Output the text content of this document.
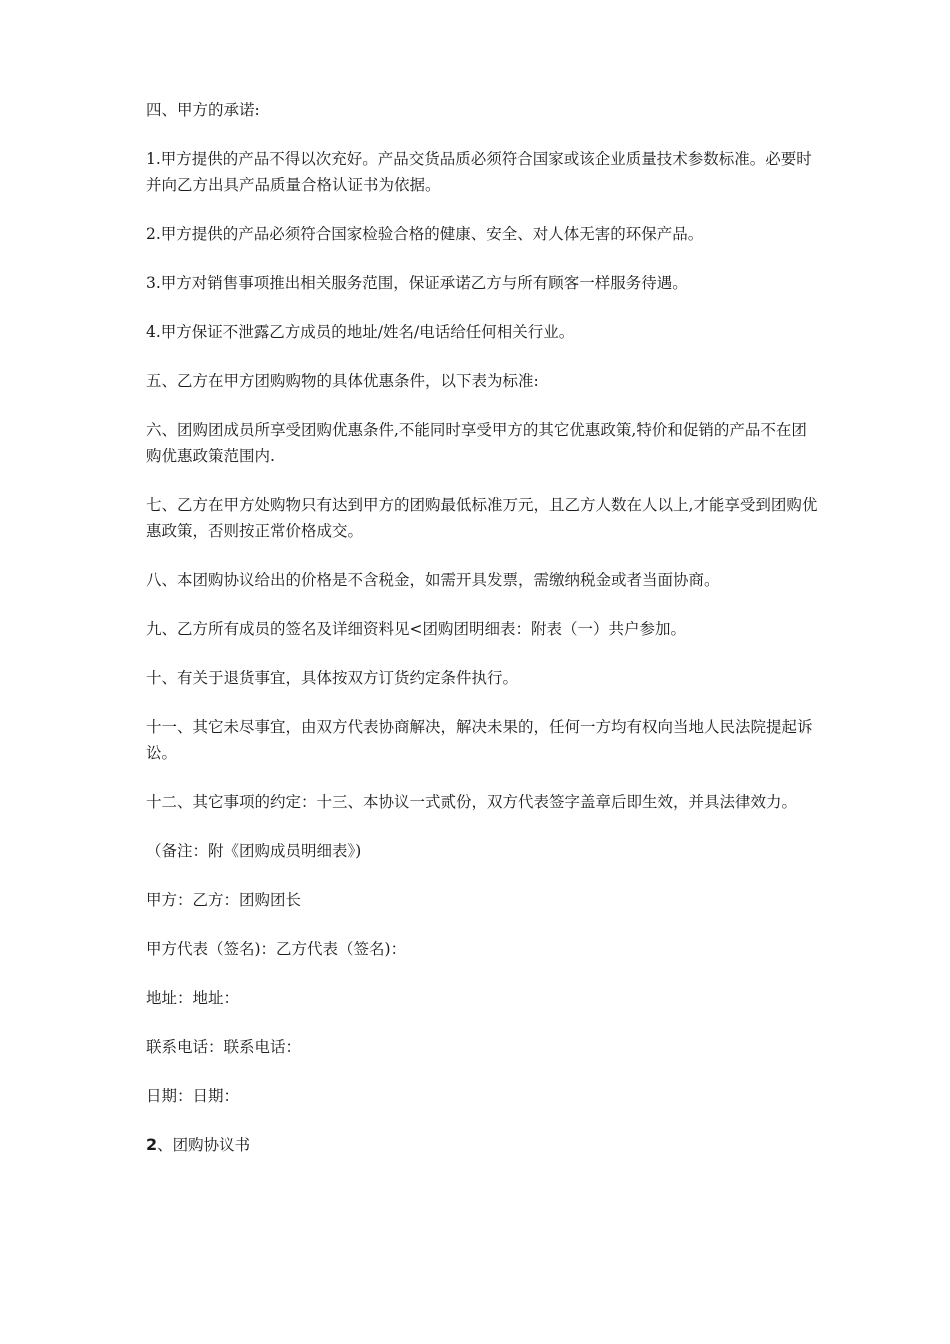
四、甲方的承诺:

1.甲方提供的产品不得以次充好。产品交货品质必须符合国家或该企业质量技术参数标准。必要时并向乙方出具产品质量合格认证书为依据。

2.甲方提供的产品必须符合国家检验合格的健康、安全、对人体无害的环保产品。

3.甲方对销售事项推出相关服务范围，保证承诺乙方与所有顾客一样服务待遇。

4.甲方保证不泄露乙方成员的地址/姓名/电话给任何相关行业。

五、乙方在甲方团购购物的具体优惠条件，以下表为标准:

六、团购团成员所享受团购优惠条件,不能同时享受甲方的其它优惠政策,特价和促销的产品不在团购优惠政策范围内.

七、乙方在甲方处购物只有达到甲方的团购最低标准万元，且乙方人数在人以上,才能享受到团购优惠政策，否则按正常价格成交。

八、本团购协议给出的价格是不含税金，如需开具发票，需缴纳税金或者当面协商。

九、乙方所有成员的签名及详细资料见<团购团明细表：附表（一）共户参加。

十、有关于退货事宜，具体按双方订货约定条件执行。

十一、其它未尽事宜，由双方代表协商解决，解决未果的，任何一方均有权向当地人民法院提起诉讼。

十二、其它事项的约定：十三、本协议一式贰份，双方代表签字盖章后即生效，并具法律效力。

（备注：附《团购成员明细表》)

甲方：乙方：团购团长

甲方代表（签名)：乙方代表（签名)：

地址：地址：

联系电话：联系电话：

日期：日期：

2、团购协议书
